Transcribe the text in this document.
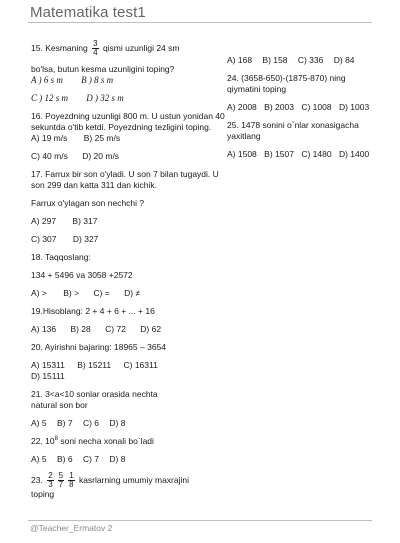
Matematika test1
15. Kesmaning $\frac{3}{4}$ qismi uzunligi 24 sm
bo'lsa, butun kesma uzunligini toping?
A ) 6 s m B ) 8 s m
C ) 12 s m D ) 32 s m
16. Poyezdning uzunligi 800 m. U ustun yonidan 40 sekuntda o'tib ketdi. Poyezdning tezligini toping.
A) 19 m/s B) 25 m/s
C) 40 m/s D) 20 m/s
17. Farrux bir son o'yladi. U son 7 bilan tugaydi. U son 299 dan katta 311 dan kichik.
Farrux o'ylagan son nechchi ?
A) 297 B) 317
C) 307 D) 327
18. Taqqoslang:
134 + 5496 va 3058 +2572
A) > B) > C) = D) ≠
19.Hisoblang: 2 + 4 + 6 + ... + 16
A) 136 B) 28 C) 72 D) 62
20. Ayirishni bajaring: 18965 – 3654
A) 15311 B) 15211 C) 16311
D) 15111
21. 3<a<10 sonlar orasida nechta natural son bor
A) 5 B) 7 C) 6 D) 8
22. $10^8$ soni necha xonali bo`ladi
A) 5 B) 6 C) 7 D) 8
23. $\frac{2}{3} \frac{5}{7} \frac{1}{8}$ kasrlarning umumiy maxrajini
toping
A) 168 B) 158 C) 336 D) 84
24. (3658-650)-(1875-870) ning qiymatini toping
A) 2008 B) 2003 C) 1008 D) 1003
25. 1478 sonini o`nlar xonasigacha yaxitlang
A) 1508 B) 1507 C) 1480 D) 1400
@Teacher_Ermatov 2
